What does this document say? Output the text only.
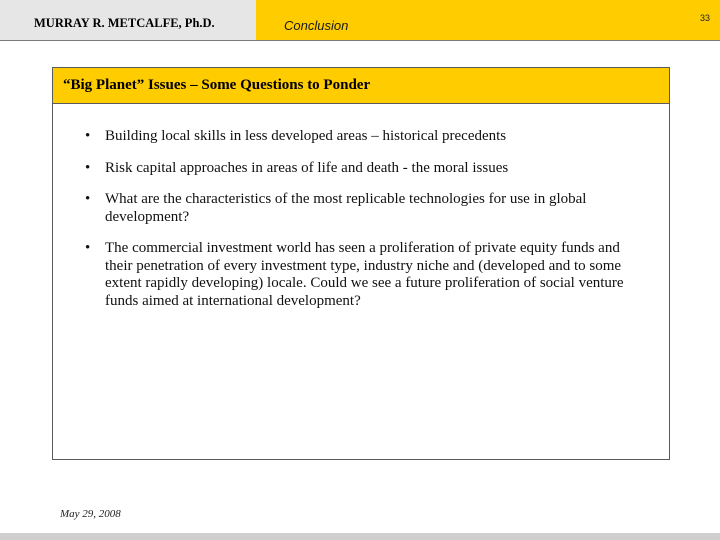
MURRAY R. METCALFE, Ph.D.	Conclusion	33
“Big Planet” Issues – Some Questions to Ponder
• Building local skills in less developed areas – historical precedents
• Risk capital approaches in areas of life and death - the moral issues
• What are the characteristics of the most replicable technologies for use in global development?
• The commercial investment world has seen a proliferation of private equity funds and their penetration of every investment type, industry niche and (developed and to some extent rapidly developing) locale. Could we see a future proliferation of social venture funds aimed at international development?
May 29, 2008
